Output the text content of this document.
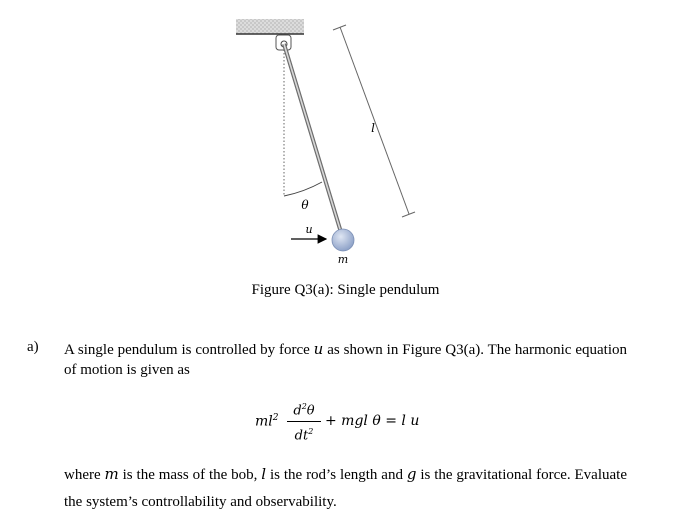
θ
u
m
l
Figure Q3(a): Single pendulum
a) A single pendulum is controlled by force u as shown in Figure Q3(a). The harmonic equation of motion is given as
$ml^2 \frac{d^2\theta}{dt^2}$ + mgl θ = l u
where m is the mass of the bob, l is the rod’s length and g is the gravitational force. Evaluate the system’s controllability and observability.
